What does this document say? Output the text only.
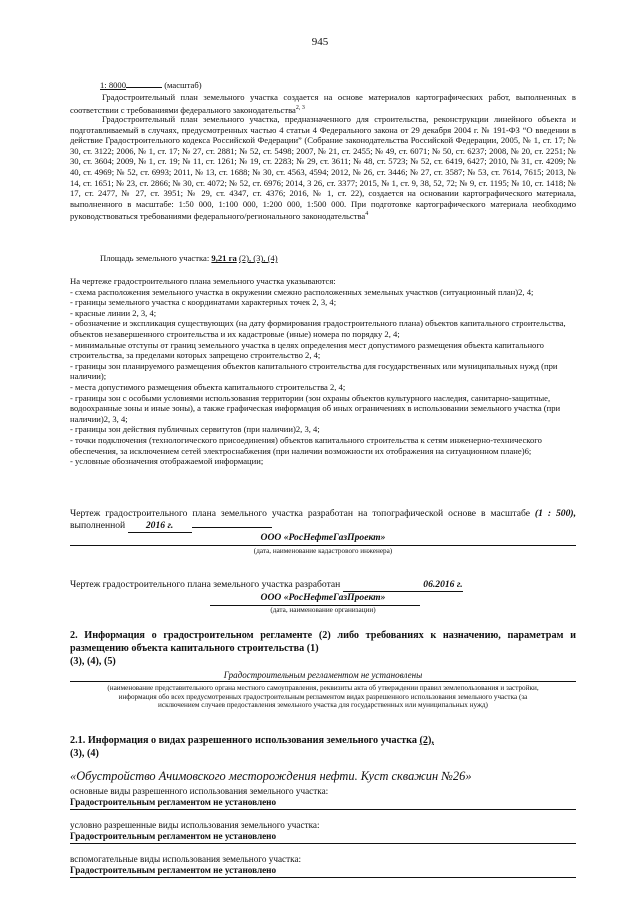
945
1: 8000	(масштаб)
Градостроительный план земельного участка создается на основе материалов картографических работ, выполненных в соответствии с требованиями федерального законодательства$^{2, 3}$
Градостроительный план земельного участка, предназначенного для строительства, реконструкции линейного объекта и подготавливаемый в случаях, предусмотренных частью 4 статьи 4 Федерального закона от 29 декабря 2004 г. № 191-ФЗ “О введении в действие Градостроительного кодекса Российской Федерации” (Собрание законодательства Российской Федерации, 2005, № 1, ст. 17; № 30, ст. 3122; 2006, № 1, ст. 17; № 27, ст. 2881; № 52, ст. 5498; 2007, № 21, ст. 2455; № 49, ст. 6071; № 50, ст. 6237; 2008, № 20, ст. 2251; № 30, ст. 3604; 2009, № 1, ст. 19; № 11, ст. 1261; № 19, ст. 2283; № 29, ст. 3611; № 48, ст. 5723; № 52, ст. 6419, 6427; 2010, № 31, ст. 4209; № 40, ст. 4969; № 52, ст. 6993; 2011, № 13, ст. 1688; № 30, ст. 4563, 4594; 2012, № 26, ст. 3446; № 27, ст. 3587; № 53, ст. 7614, 7615; 2013, № 14, ст. 1651; № 23, ст. 2866; № 30, ст. 4072; № 52, ст. 6976; 2014, 3 26, ст. 3377; 2015, № 1, ст. 9, 38, 52, 72; № 9, ст. 1195; № 10, ст. 1418; № 17, ст. 2477, № 27, ст. 3951; № 29, ст. 4347, ст. 4376; 2016, № 1, ст. 22), создается на основании картографического материала, выполненного в масштабе: 1:50 000, 1:100 000, 1:200 000, 1:500 000. При подготовке картографического материала необходимо руководствоваться требованиями федерального/регионального законодательства$^4$
Площадь земельного участка: 9,21 га (2), (3), (4)

На чертеже градостроительного плана земельного участка указываются:

- схема расположения земельного участка в окружении смежно расположенных земельных участков (ситуационный план)2, 4;

- границы земельного участка с координатами характерных точек 2, 3, 4;

- красные линии 2, 3, 4;

- обозначение и экспликация существующих (на дату формирования градостроительного плана) объектов капитального строительства, объектов незавершенного строительства и их кадастровые (иные) номера по порядку 2, 4;

- минимальные отступы от границ земельного участка в целях определения мест допустимого размещения объекта капитального строительства, за пределами которых запрещено строительство 2, 4;

- границы зон планируемого размещения объектов капитального строительства для государственных или муниципальных нужд (при наличии);

- места допустимого размещения объекта капитального строительства 2, 4;

- границы зон с особыми условиями использования территории (зон охраны объектов культурного наследия, санитарно-защитные, водоохранные зоны и иные зоны), а также графическая информация об иных ограничениях в использовании земельного участка (при наличии)2, 3, 4;

- границы зон действия публичных сервитутов (при наличии)2, 3, 4;

- точки подключения (технологического присоединения) объектов капитального строительства к сетям инженерно-технического обеспечения, за исключением сетей электроснабжения (при наличии возможности их отображения на ситуационном плане)6;

- условные обозначения отображаемой информации;

Чертеж градостроительного плана земельного участка разработан на топографической основе в масштабе (1 : 500), выполненной 2016 г.
ООО «РосНефтеГазПроект»
(дата, наименование кадастрового инженера)
Чертеж градостроительного плана земельного участка разработан	06.2016 г.
ООО «РосНефтеГазПроект»
(дата, наименование организации)
2. Информация о градостроительном регламенте (2) либо требованиях к назначению, параметрам и размещению объекта капитального строительства (1)
(3), (4), (5)
Градостроительным регламентом не установлены
(наименование представительного органа местного самоуправления, реквизиты акта об утверждении правил землепользования и застройки, информация обо всех предусмотренных градостроительным регламентом видах разрешенного использования земельного участка (за исключением случаев предоставления земельного участка для государственных или муниципальных нужд)
2.1. Информация о видах разрешенного использования земельного участка (2),
(3), (4)
«Обустройство Ачимовского месторождения нефти. Куст скважин №26»
основные виды разрешенного использования земельного участка:
Градостроительным регламентом не установлено
условно разрешенные виды использования земельного участка:
Градостроительным регламентом не установлено
вспомогательные виды использования земельного участка:
Градостроительным регламентом не установлено
